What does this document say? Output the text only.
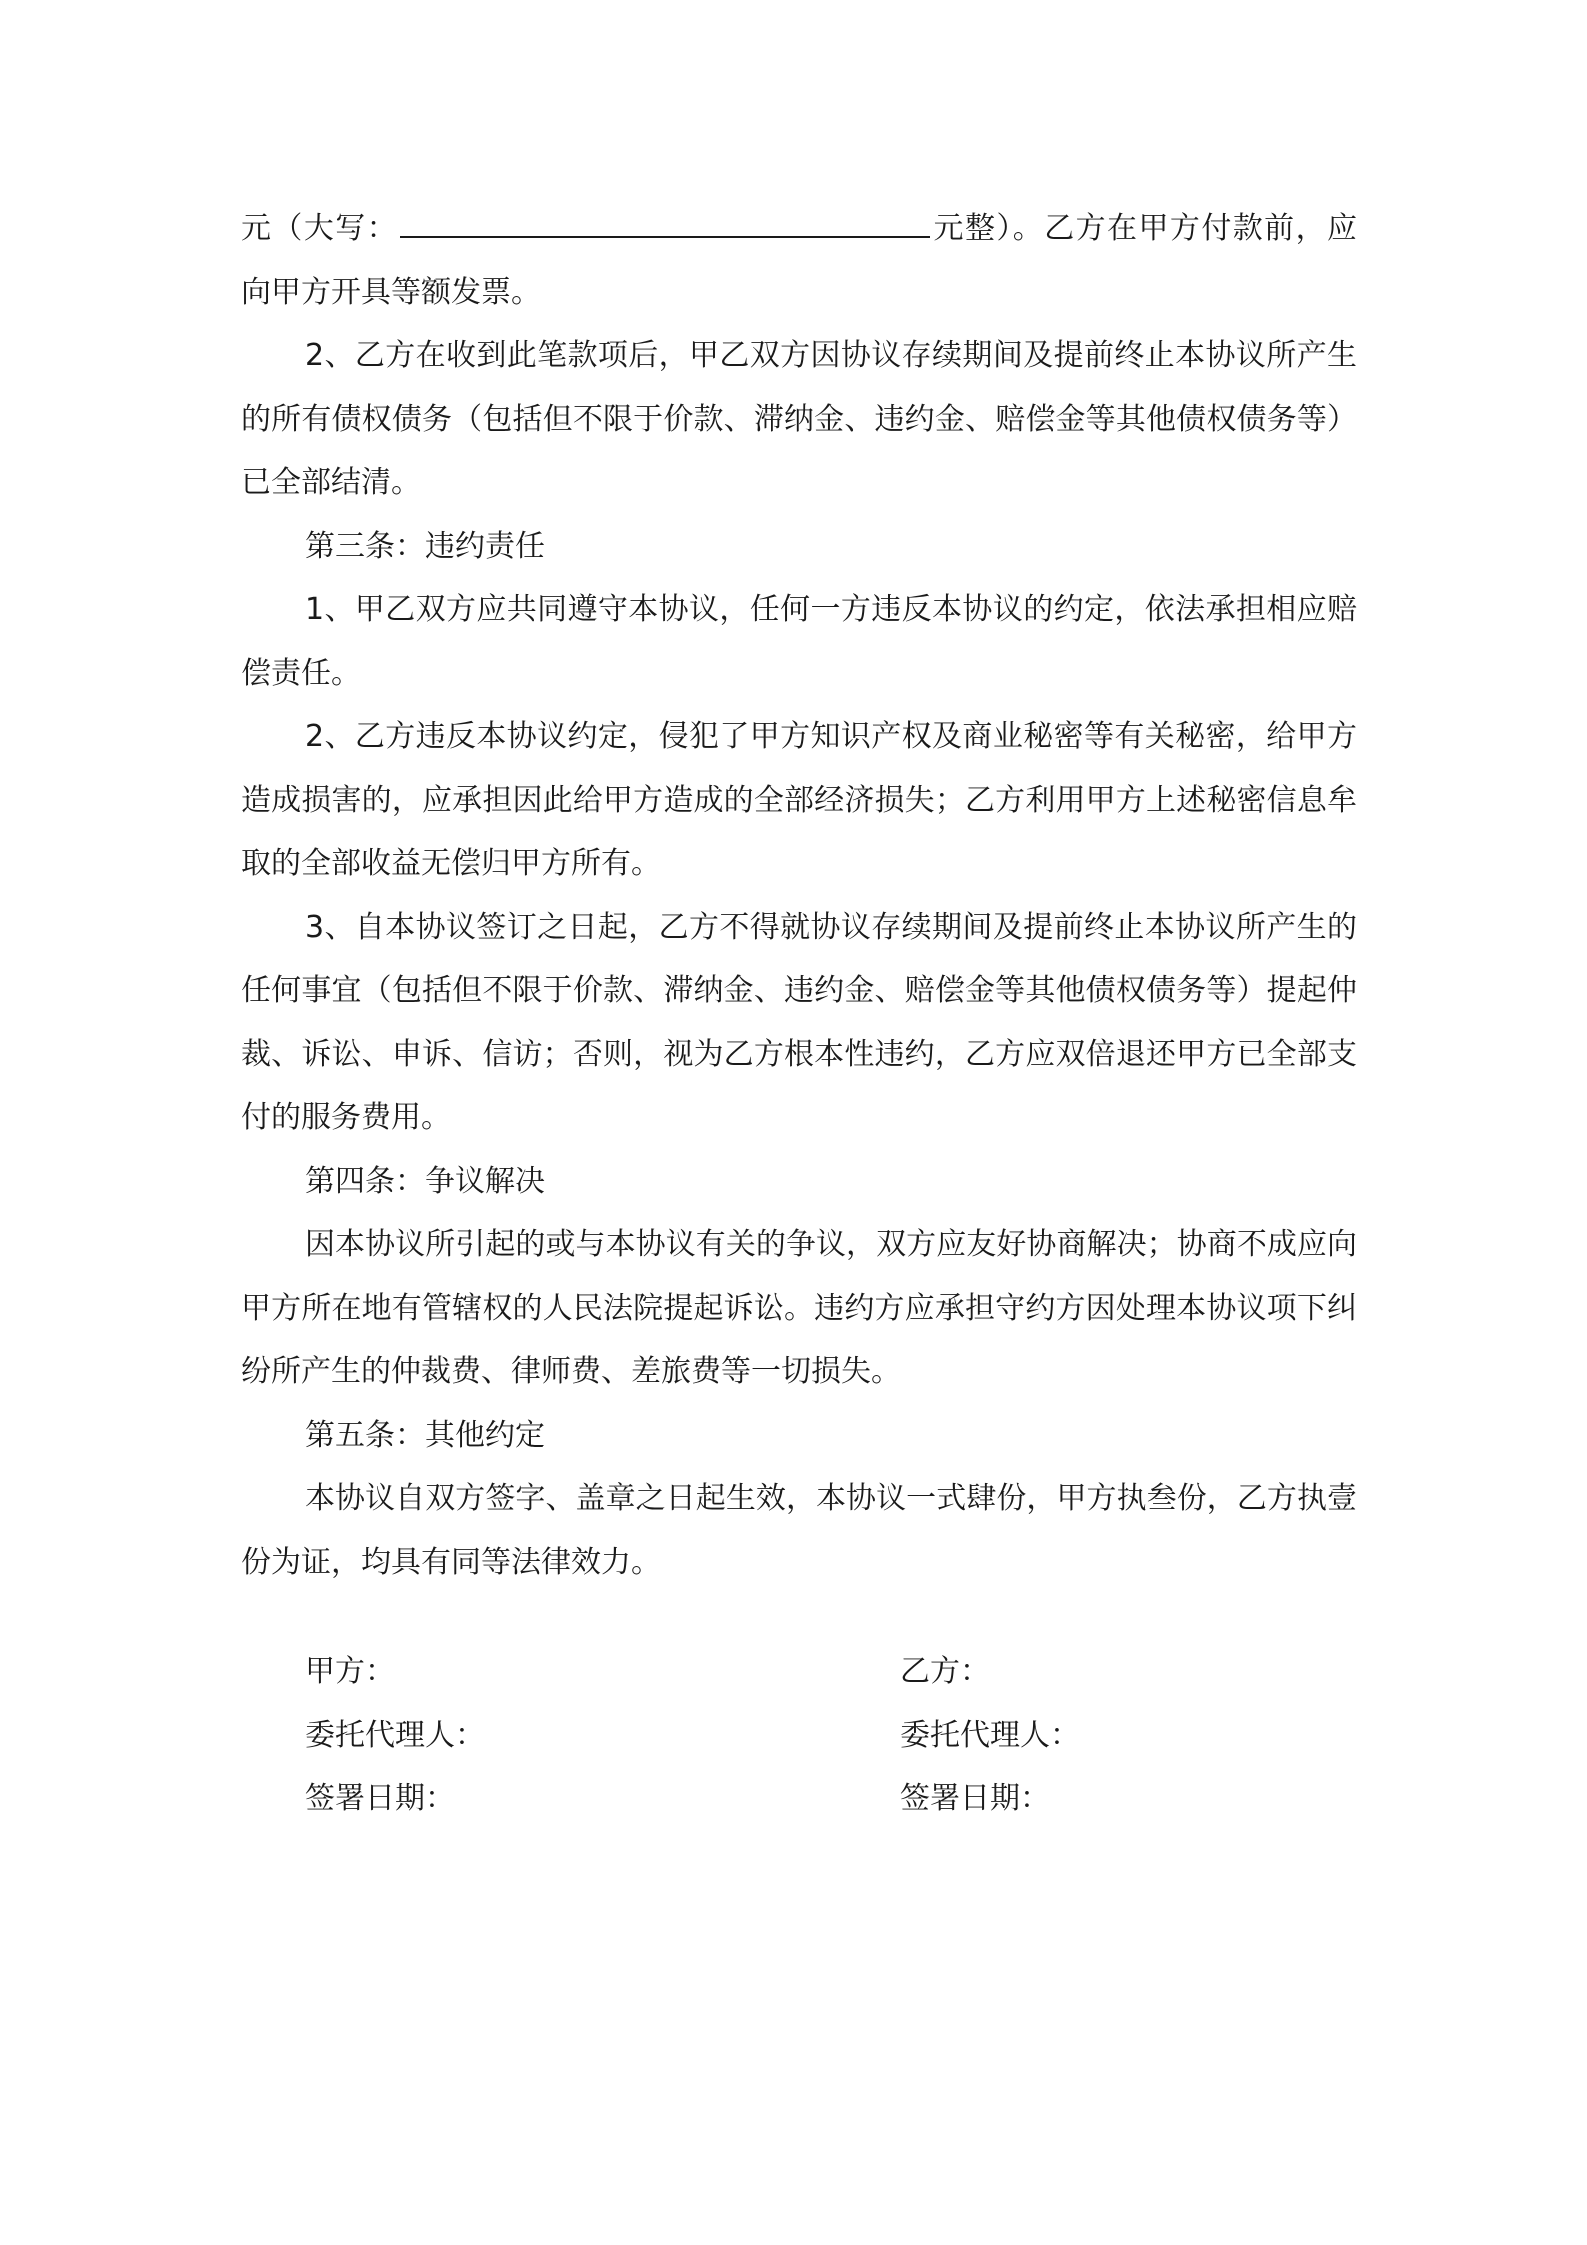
元（大写：	元整）。乙方在甲方付款前，应向甲方开具等额发票。

2、乙方在收到此笔款项后，甲乙双方因协议存续期间及提前终止本协议所产生的所有债权债务（包括但不限于价款、滞纳金、违约金、赔偿金等其他债权债务等）已全部结清。

第三条：违约责任

1、甲乙双方应共同遵守本协议，任何一方违反本协议的约定，依法承担相应赔偿责任。

2、乙方违反本协议约定，侵犯了甲方知识产权及商业秘密等有关秘密，给甲方造成损害的，应承担因此给甲方造成的全部经济损失；乙方利用甲方上述秘密信息牟取的全部收益无偿归甲方所有。

3、自本协议签订之日起，乙方不得就协议存续期间及提前终止本协议所产生的任何事宜（包括但不限于价款、滞纳金、违约金、赔偿金等其他债权债务等）提起仲裁、诉讼、申诉、信访；否则，视为乙方根本性违约，乙方应双倍退还甲方已全部支付的服务费用。

第四条：争议解决

因本协议所引起的或与本协议有关的争议，双方应友好协商解决；协商不成应向甲方所在地有管辖权的人民法院提起诉讼。违约方应承担守约方因处理本协议项下纠纷所产生的仲裁费、律师费、差旅费等一切损失。

第五条：其他约定

本协议自双方签字、盖章之日起生效，本协议一式肆份，甲方执叁份，乙方执壹份为证，均具有同等法律效力。

甲方：
委托代理人：
签署日期：
乙方：
委托代理人：
签署日期：
